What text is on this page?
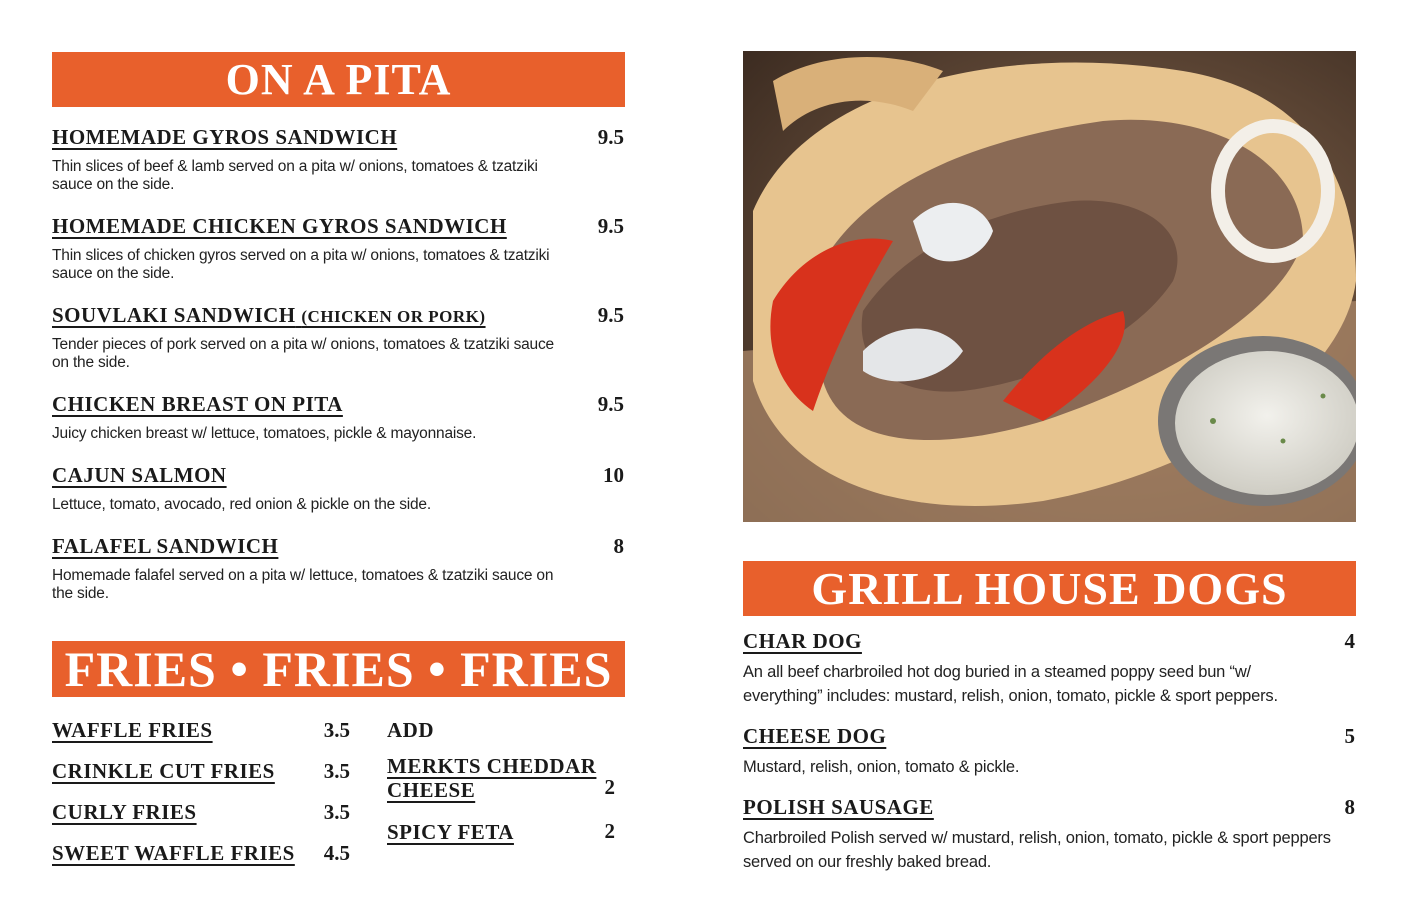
ON A PITA
HOMEMADE GYROS SANDWICH	9.5
Thin slices of beef & lamb served on a pita w/ onions, tomatoes & tzatziki sauce on the side.
HOMEMADE CHICKEN GYROS SANDWICH	9.5
Thin slices of chicken gyros served on a pita w/ onions, tomatoes & tzatziki sauce on the side.
SOUVLAKI SANDWICH (CHICKEN OR PORK)	9.5
Tender pieces of pork served on a pita w/ onions, tomatoes & tzatziki sauce on the side.
CHICKEN BREAST ON PITA	9.5
Juicy chicken breast w/ lettuce, tomatoes, pickle & mayonnaise.
CAJUN SALMON	10
Lettuce, tomato, avocado, red onion & pickle on the side.
FALAFEL SANDWICH	8
Homemade falafel served on a pita w/ lettuce, tomatoes & tzatziki sauce on the side.
FRIES • FRIES • FRIES
WAFFLE FRIES	3.5
CRINKLE CUT FRIES 3.5
CURLY FRIES	3.5
SWEET WAFFLE FRIES 4.5
ADD
MERKTS CHEDDAR CHEESE	2
SPICY FETA	2
GRILL HOUSE DOGS
CHAR DOG	4
An all beef charbroiled hot dog buried in a steamed poppy seed bun “w/ everything” includes: mustard, relish, onion, tomato, pickle & sport peppers.
CHEESE DOG	5
Mustard, relish, onion, tomato & pickle.
POLISH SAUSAGE	8
Charbroiled Polish served w/ mustard, relish, onion, tomato, pickle & sport peppers served on our freshly baked bread.
